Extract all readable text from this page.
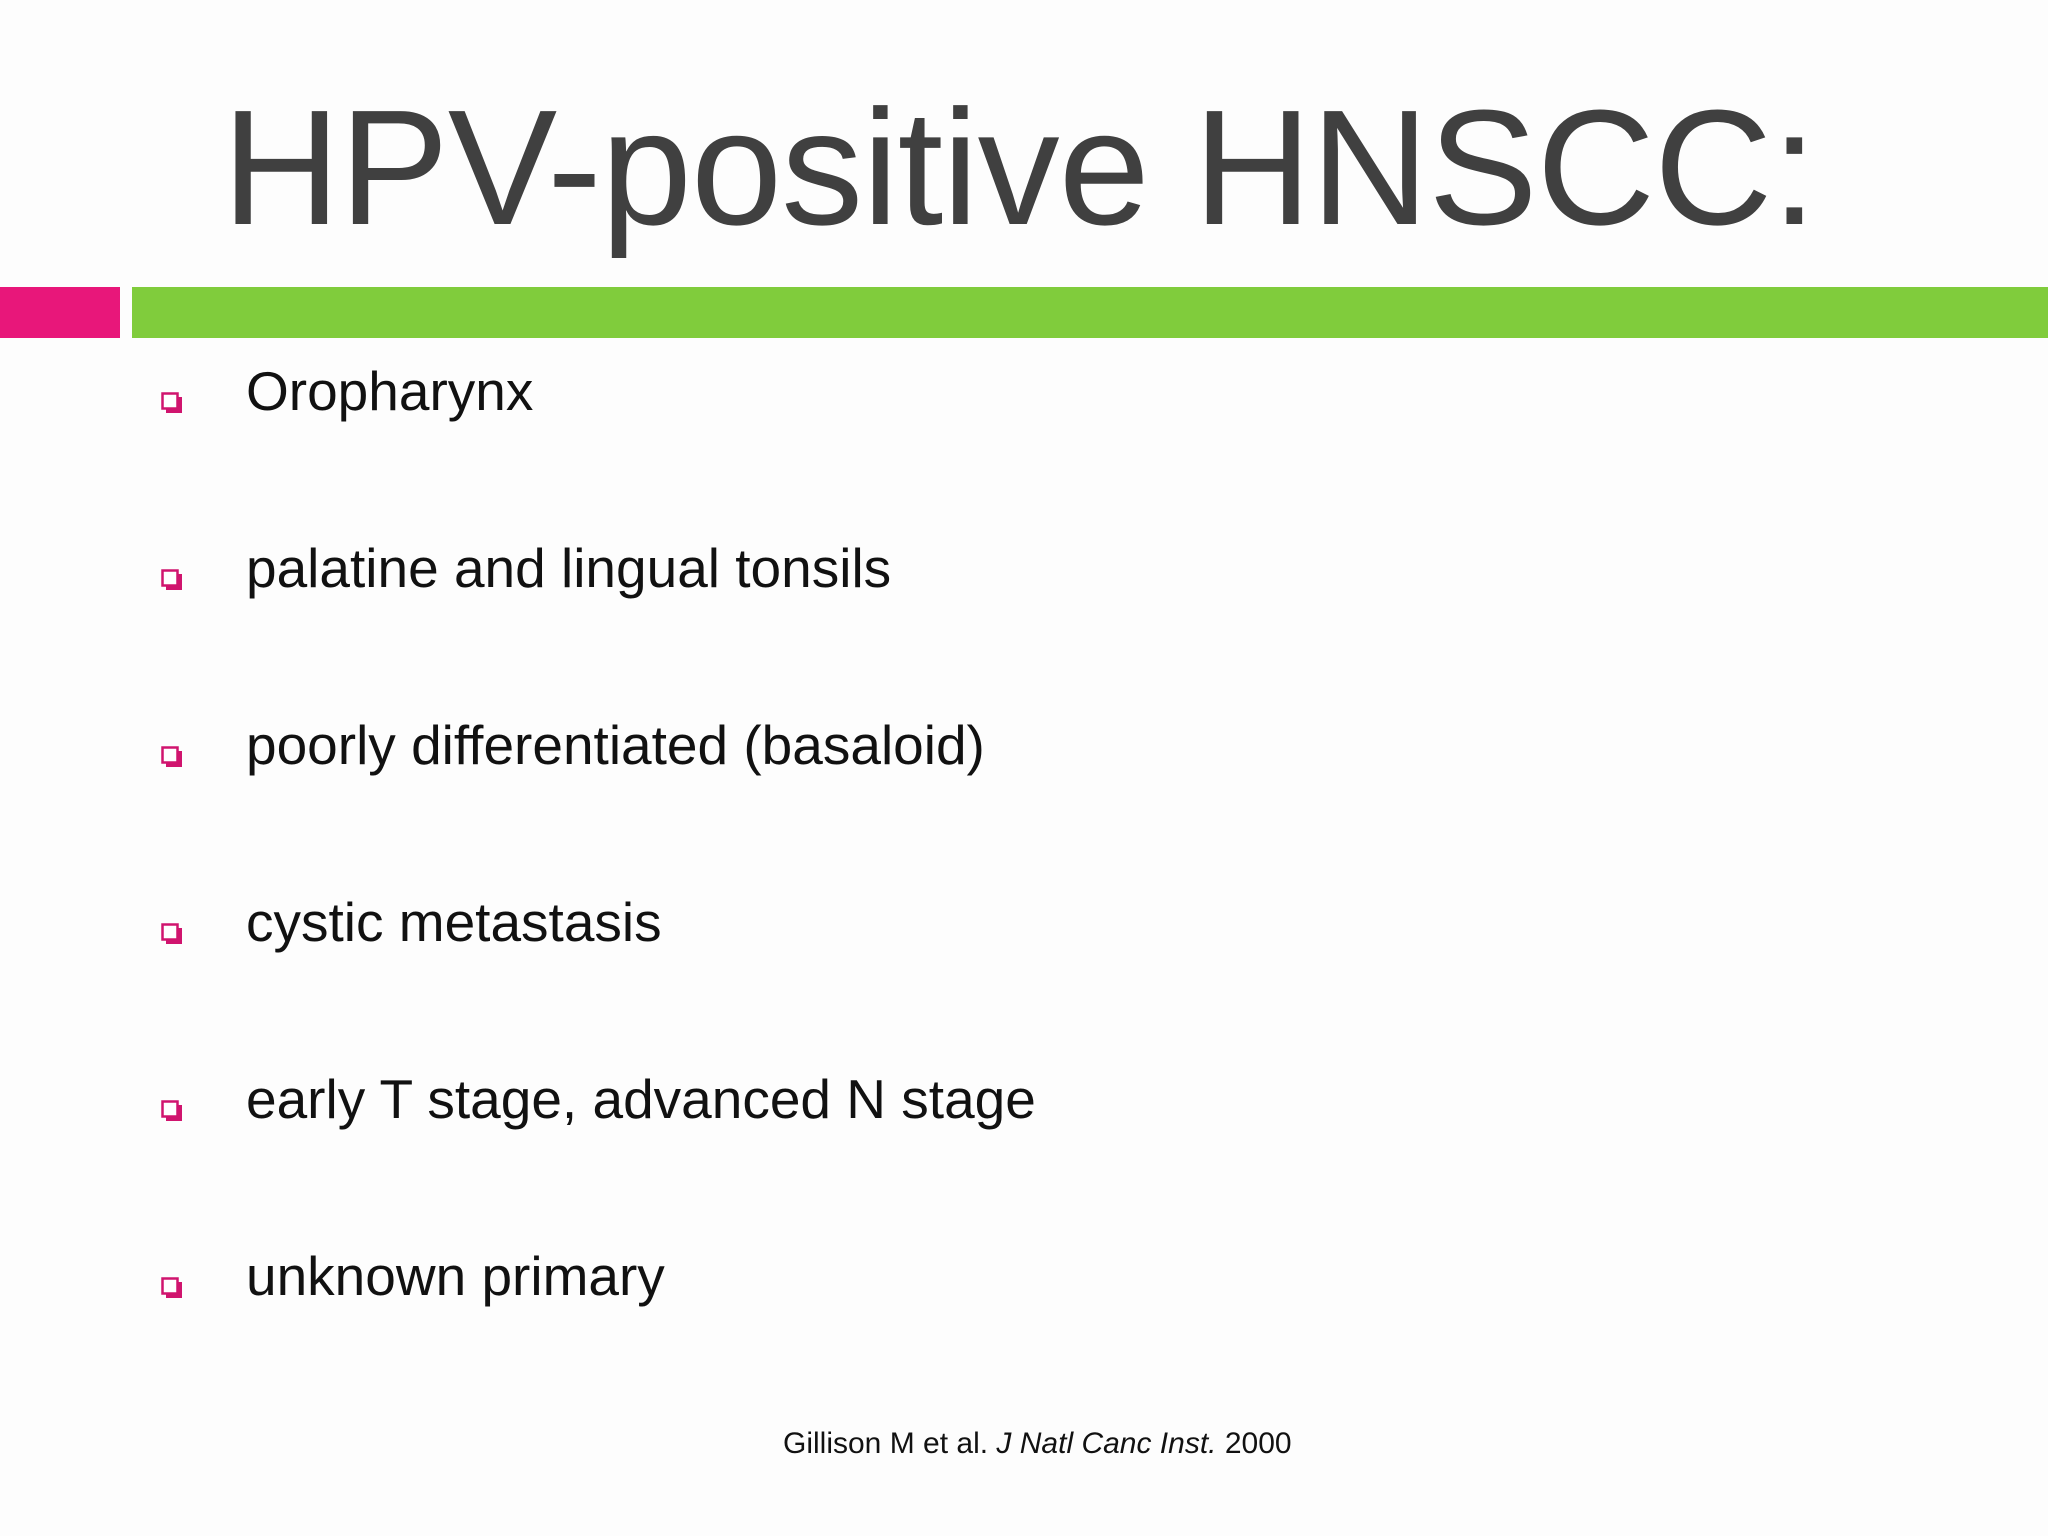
HPV-positive HNSCC:
Oropharynx
palatine and lingual tonsils
poorly differentiated (basaloid)
cystic metastasis
early T stage, advanced N stage
unknown primary
Gillison M et al. J Natl Canc Inst. 2000
